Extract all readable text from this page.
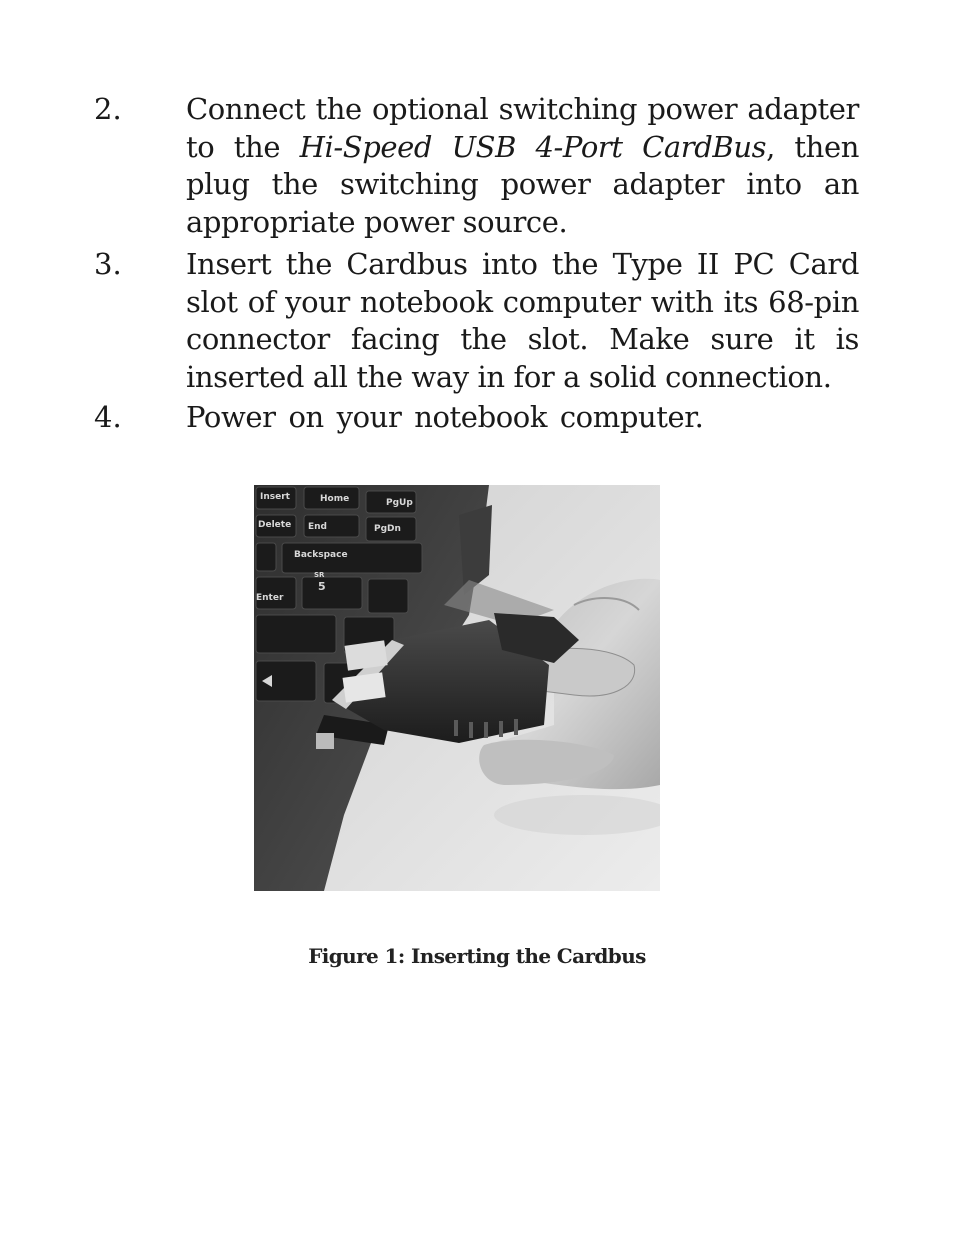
2. Connect the optional switching power adapter to the Hi-Speed USB 4-Port CardBus, then plug the switching power adapter into an appropriate power source.
3. Insert the Cardbus into the Type II PC Card slot of your notebook computer with its 68-pin connector facing the slot. Make sure it is inserted all the way in for a solid connection.
4. Power on your notebook computer.
Insert	Home	PgUp
Delete End	PgDn
Backspace
SR
5
Enter
Figure 1: Inserting the Cardbus
